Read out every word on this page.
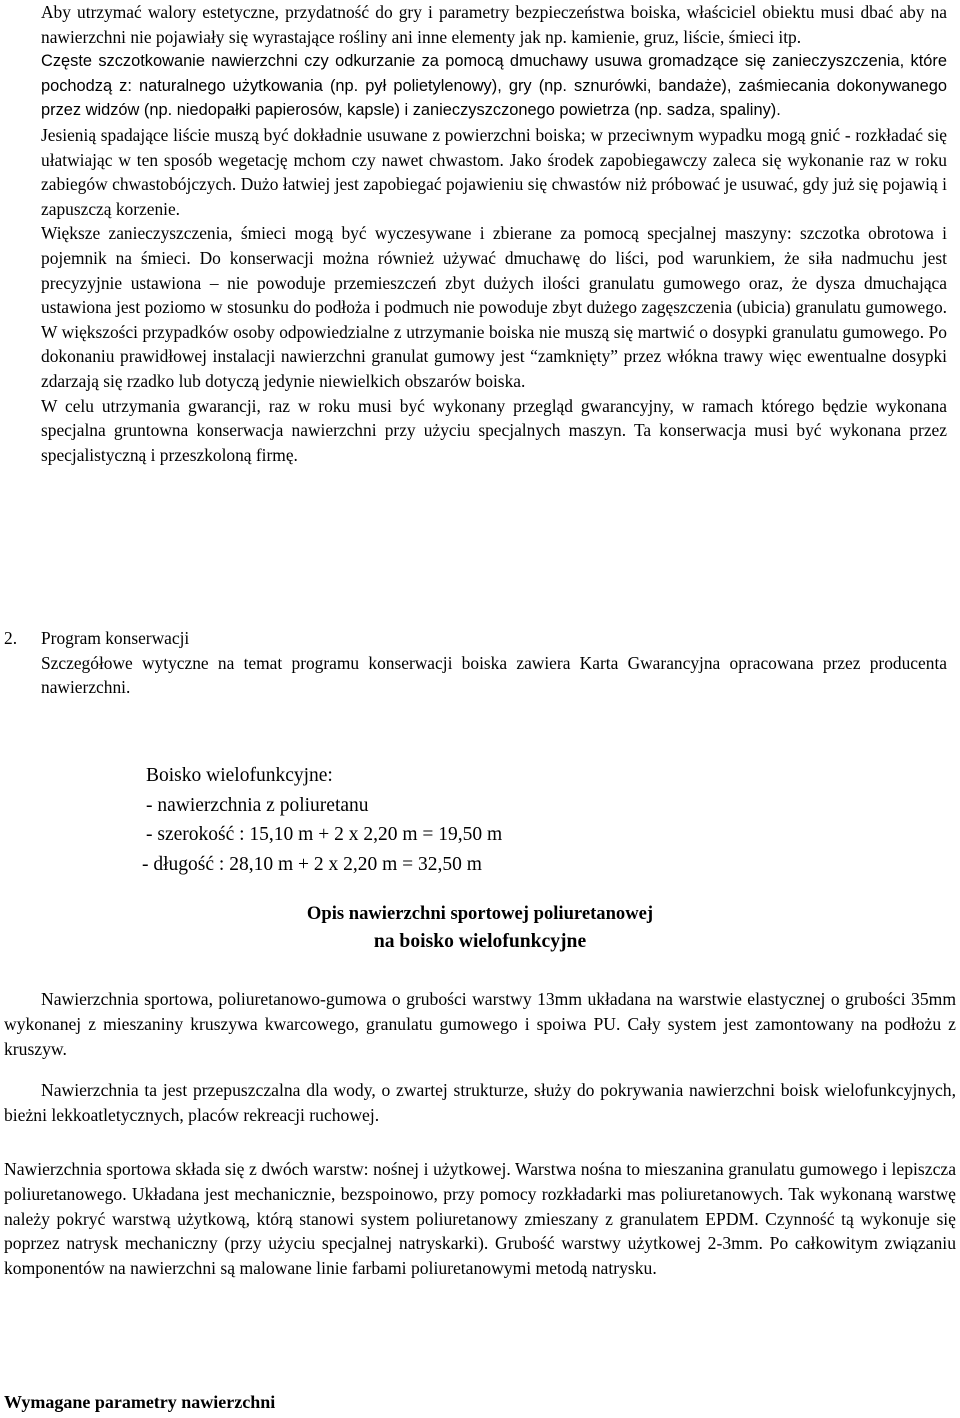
Aby utrzymać walory estetyczne, przydatność do gry i parametry bezpieczeństwa boiska, właściciel obiektu musi dbać aby na nawierzchni nie pojawiały się wyrastające rośliny ani inne elementy jak np. kamienie, gruz, liście, śmieci itp.

Częste szczotkowanie nawierzchni czy odkurzanie za pomocą dmuchawy usuwa gromadzące się zanieczyszczenia, które pochodzą z: naturalnego użytkowania (np. pył polietylenowy), gry (np. sznurówki, bandaże), zaśmiecania dokonywanego przez widzów (np. niedopałki papierosów, kapsle) i zanieczyszczonego powietrza (np. sadza, spaliny).

Jesienią spadające liście muszą być dokładnie usuwane z powierzchni boiska; w przeciwnym wypadku mogą gnić - rozkładać się ułatwiając w ten sposób wegetację mchom czy nawet chwastom. Jako środek zapobiegawczy zaleca się wykonanie raz w roku zabiegów chwastobójczych. Dużo łatwiej jest zapobiegać pojawieniu się chwastów niż próbować je usuwać, gdy już się pojawią i zapuszczą korzenie.

Większe zanieczyszczenia, śmieci mogą być wyczesywane i zbierane za pomocą specjalnej maszyny: szczotka obrotowa i pojemnik na śmieci. Do konserwacji można również używać dmuchawę do liści, pod warunkiem, że siła nadmuchu jest precyzyjnie ustawiona – nie powoduje przemieszczeń zbyt dużych ilości granulatu gumowego oraz, że dysza dmuchająca ustawiona jest poziomo w stosunku do podłoża i podmuch nie powoduje zbyt dużego zagęszczenia (ubicia) granulatu gumowego. W większości przypadków osoby odpowiedzialne z utrzymanie boiska nie muszą się martwić o dosypki granulatu gumowego. Po dokonaniu prawidłowej instalacji nawierzchni granulat gumowy jest “zamknięty” przez włókna trawy więc ewentualne dosypki zdarzają się rzadko lub dotyczą jedynie niewielkich obszarów boiska.

W celu utrzymania gwarancji, raz w roku musi być wykonany przegląd gwarancyjny, w ramach którego będzie wykonana specjalna gruntowna konserwacja nawierzchni przy użyciu specjalnych maszyn. Ta konserwacja musi być wykonana przez specjalistyczną i przeszkoloną firmę.

2. Program konserwacji

Szczegółowe wytyczne na temat programu konserwacji boiska zawiera Karta Gwarancyjna opracowana przez producenta nawierzchni.

Boisko wielofunkcyjne:
- nawierzchnia z poliuretanu
- szerokość : 15,10 m + 2 x 2,20 m = 19,50 m
- długość : 28,10 m + 2 x 2,20 m = 32,50 m
Opis nawierzchni sportowej poliuretanowej
na boisko wielofunkcyjne

Nawierzchnia sportowa, poliuretanowo-gumowa o grubości warstwy 13mm układana na warstwie elastycznej o grubości 35mm wykonanej z mieszaniny kruszywa kwarcowego, granulatu gumowego i spoiwa PU. Cały system jest zamontowany na podłożu z kruszyw.

Nawierzchnia ta jest przepuszczalna dla wody, o zwartej strukturze, służy do pokrywania nawierzchni boisk wielofunkcyjnych, bieżni lekkoatletycznych, placów rekreacji ruchowej.

Nawierzchnia sportowa składa się z dwóch warstw: nośnej i użytkowej. Warstwa nośna to mieszanina granulatu gumowego i lepiszcza poliuretanowego. Układana jest mechanicznie, bezspoinowo, przy pomocy rozkładarki mas poliuretanowych. Tak wykonaną warstwę należy pokryć warstwą użytkową, którą stanowi system poliuretanowy zmieszany z granulatem EPDM. Czynność tą wykonuje się poprzez natrysk mechaniczny (przy użyciu specjalnej natryskarki). Grubość warstwy użytkowej 2-3mm. Po całkowitym związaniu komponentów na nawierzchni są malowane linie farbami poliuretanowymi metodą natrysku.

Wymagane parametry nawierzchni
